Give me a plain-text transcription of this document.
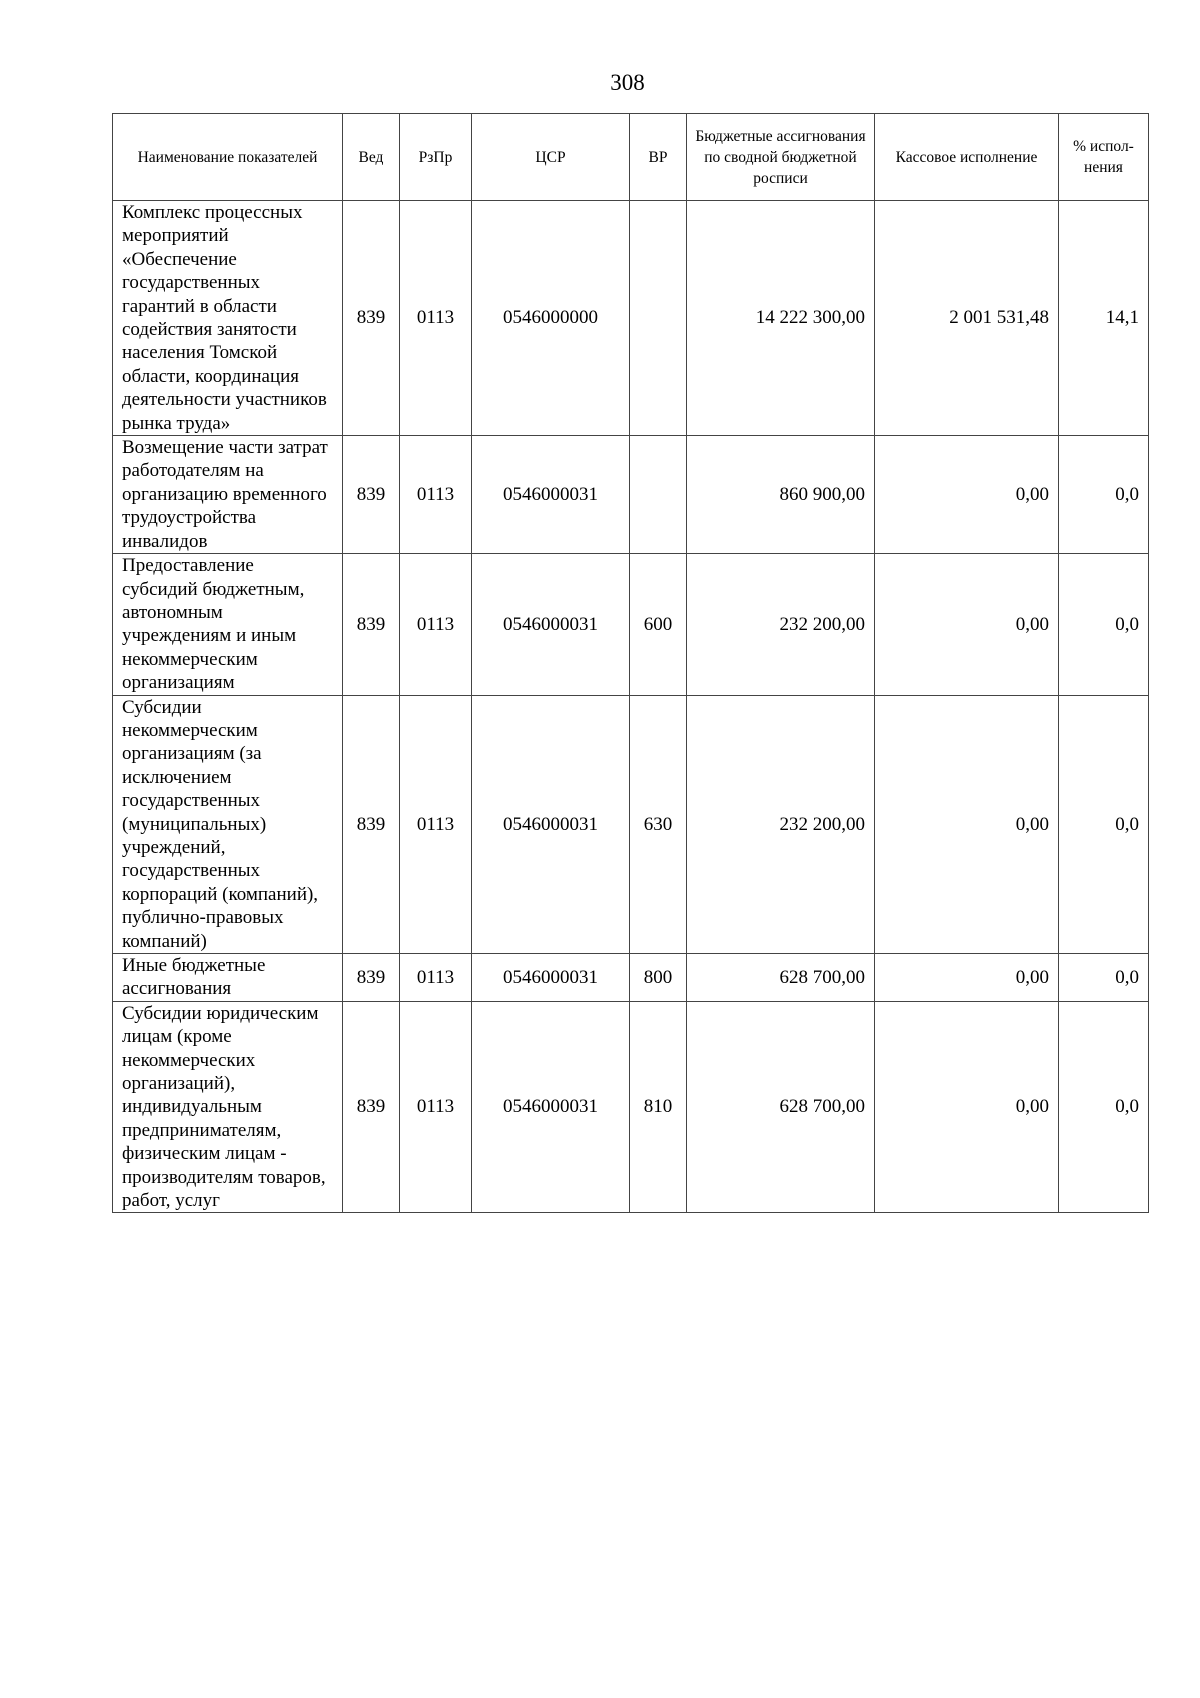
308
Наименование показателей	Вед	РзПр	ЦСР	ВР	Бюджетные ассигнования по сводной бюджетной росписи	Кассовое исполнение	% испол-нения
Комплекс процессных мероприятий «Обеспечение государственных гарантий в области содействия занятости населения Томской области, координация деятельности участников рынка труда»	839	0113	0546000000		14 222 300,00	2 001 531,48	14,1
Возмещение части затрат работодателям на организацию временного трудоустройства инвалидов	839	0113	0546000031		860 900,00	0,00	0,0
Предоставление субсидий бюджетным, автономным учреждениям и иным некоммерческим организациям	839	0113	0546000031	600	232 200,00	0,00	0,0
Субсидии некоммерческим организациям (за исключением государственных (муниципальных) учреждений, государственных корпораций (компаний), публично-правовых компаний)	839	0113	0546000031	630	232 200,00	0,00	0,0
Иные бюджетные ассигнования	839	0113	0546000031	800	628 700,00	0,00	0,0
Субсидии юридическим лицам (кроме некоммерческих организаций), индивидуальным предпринимателям, физическим лицам - производителям товаров, работ, услуг	839	0113	0546000031	810	628 700,00	0,00	0,0
